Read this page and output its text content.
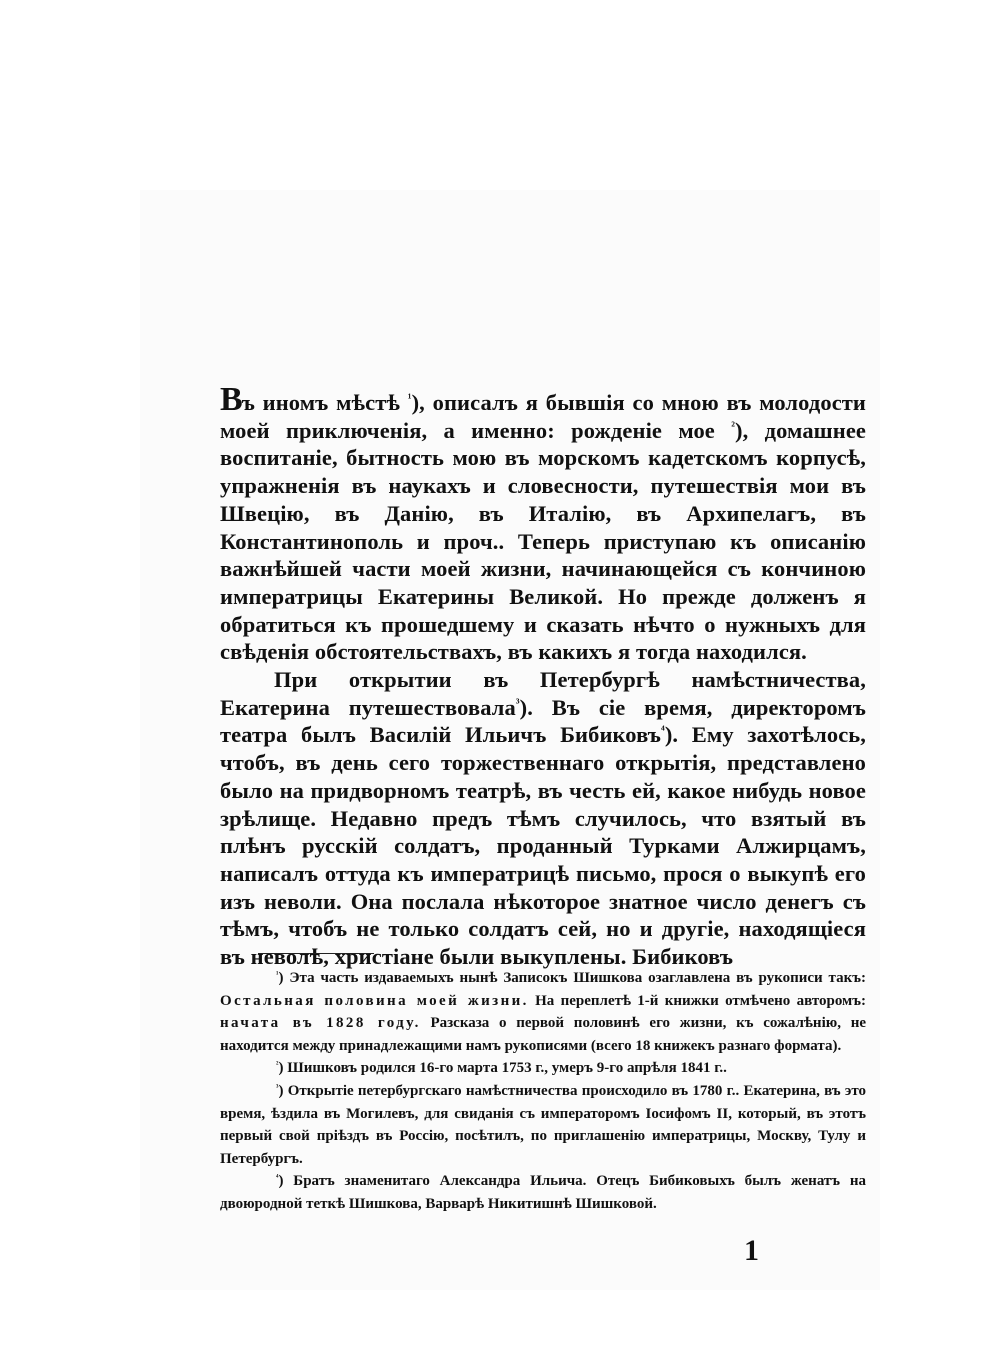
Въ иномъ мѣстѣ $^{^1}$), описалъ я бывшія со мною въ молодости моей приключенія, а именно: рожденіе мое $^{^2}$), домашнее воспитаніе, бытность мою въ морскомъ кадетскомъ корпусѣ, упражненія въ наукахъ и словесности, путешествія мои въ Швецію, въ Данію, въ Италію, въ Архипелагъ, въ Константинополь и проч.. Теперь приступаю къ описанію важнѣйшей части моей жизни, начинающейся съ кончиною императрицы Екатерины Великой. Но прежде долженъ я обратиться къ прошедшему и сказать нѣчто о нужныхъ для свѣденія обстоятельствахъ, въ какихъ я тогда находился.

При открытии въ Петербургѣ намѣстничества, Екатерина путешествовала$^{^3}$). Въ сіе время, директоромъ театра былъ Василій Ильичъ Бибиковъ$^{^4}$). Ему захотѣлось, чтобъ, въ день сего торжественнаго открытія, представлено было на придворномъ театрѣ, въ честь ей, какое нибудь новое зрѣлище. Недавно предъ тѣмъ случилось, что взятый въ плѣнъ русскій солдатъ, проданный Турками Алжирцамъ, написалъ оттуда къ императрицѣ письмо, прося о выкупѣ его изъ неволи. Она послала нѣкоторое знатное число денегъ съ тѣмъ, чтобъ не только солдатъ сей, но и другіе, находящіеся въ неволѣ, христіане были выкуплены. Бибиковъ

$^{^1}$) Эта часть издаваемыхъ нынѣ Записокъ Шишкова озаглавлена въ рукописи такъ: Остальная половина моей жизни. На переплетѣ 1-й книжки отмѣчено авторомъ: начата въ 1828 году. Разсказа о первой половинѣ его жизни, къ сожалѣнію, не находится между принадлежащими намъ рукописями (всего 18 книжекъ разнаго формата).

$^{^2}$) Шишковъ родился 16-го марта 1753 г., умеръ 9-го апрѣля 1841 г..

$^{^3}$) Открытіе петербургскаго намѣстничества происходило въ 1780 г.. Екатерина, въ это время, ѣздила въ Могилевъ, для свиданія съ императоромъ Іосифомъ II, который, въ этотъ первый свой пріѣздъ въ Россію, посѣтилъ, по приглашенію императрицы, Москву, Тулу и Петербургъ.

$^{^4}$) Братъ знаменитаго Александра Ильича. Отецъ Бибиковыхъ былъ женатъ на двоюродной теткѣ Шишкова, Варварѣ Никитишнѣ Шишковой.

1
